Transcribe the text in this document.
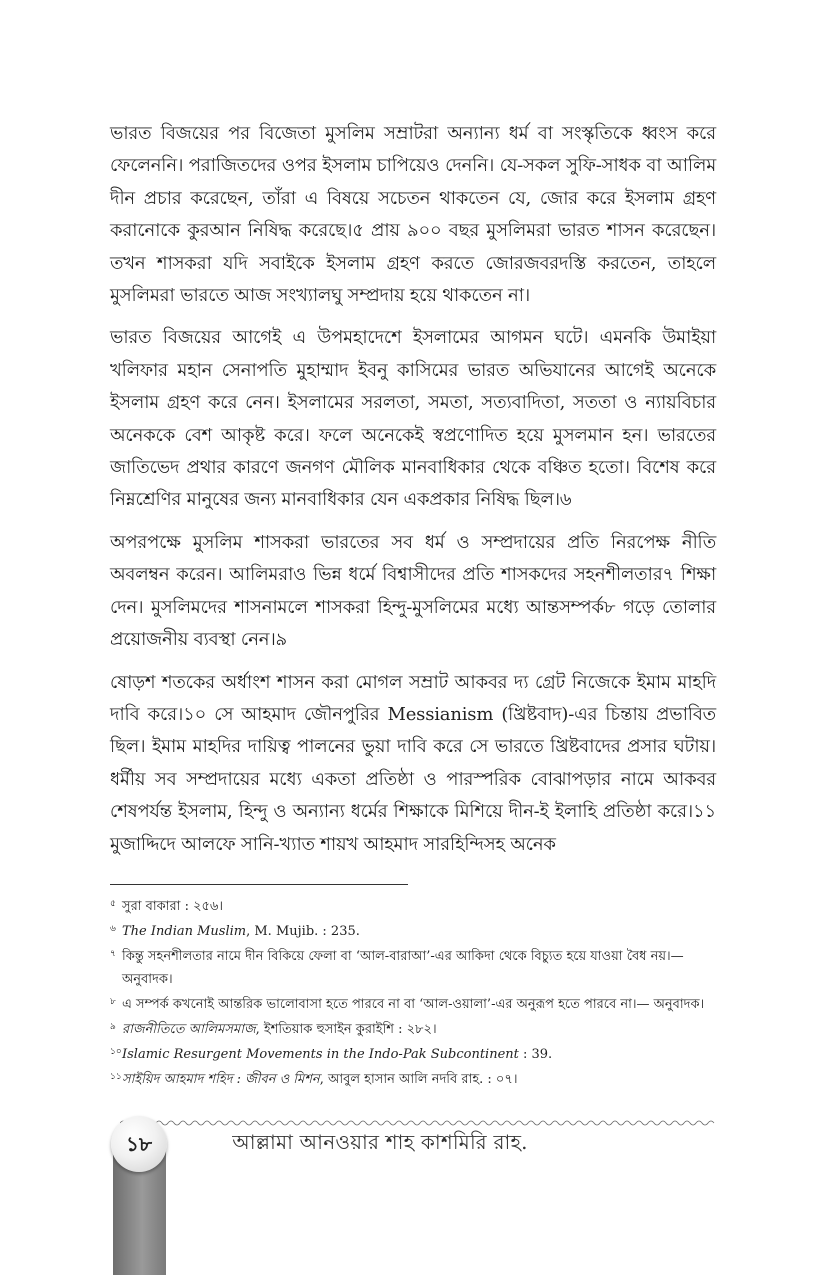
ভারত বিজয়ের পর বিজেতা মুসলিম সম্রাটরা অন্যান্য ধর্ম বা সংস্কৃতিকে ধ্বংস করে ফেলেননি। পরাজিতদের ওপর ইসলাম চাপিয়েও দেননি। যে-সকল সুফি-সাধক বা আলিম দীন প্রচার করেছেন, তাঁরা এ বিষয়ে সচেতন থাকতেন যে, জোর করে ইসলাম গ্রহণ করানোকে কুরআন নিষিদ্ধ করেছে।৫ প্রায় ৯০০ বছর মুসলিমরা ভারত শাসন করেছেন। তখন শাসকরা যদি সবাইকে ইসলাম গ্রহণ করতে জোরজবরদস্তি করতেন, তাহলে মুসলিমরা ভারতে আজ সংখ্যালঘু সম্প্রদায় হয়ে থাকতেন না।

ভারত বিজয়ের আগেই এ উপমহাদেশে ইসলামের আগমন ঘটে। এমনকি উমাইয়া খলিফার মহান সেনাপতি মুহাম্মাদ ইবনু কাসিমের ভারত অভিযানের আগেই অনেকে ইসলাম গ্রহণ করে নেন। ইসলামের সরলতা, সমতা, সত্যবাদিতা, সততা ও ন্যায়বিচার অনেককে বেশ আকৃষ্ট করে। ফলে অনেকেই স্বপ্রণোদিত হয়ে মুসলমান হন। ভারতের জাতিভেদ প্রথার কারণে জনগণ মৌলিক মানবাধিকার থেকে বঞ্চিত হতো। বিশেষ করে নিম্নশ্রেণির মানুষের জন্য মানবাধিকার যেন একপ্রকার নিষিদ্ধ ছিল।৬

অপরপক্ষে মুসলিম শাসকরা ভারতের সব ধর্ম ও সম্প্রদায়ের প্রতি নিরপেক্ষ নীতি অবলম্বন করেন। আলিমরাও ভিন্ন ধর্মে বিশ্বাসীদের প্রতি শাসকদের সহনশীলতার৭ শিক্ষা দেন। মুসলিমদের শাসনামলে শাসকরা হিন্দু-মুসলিমের মধ্যে আন্তসম্পর্ক৮ গড়ে তোলার প্রয়োজনীয় ব্যবস্থা নেন।৯

ষোড়শ শতকের অর্ধাংশ শাসন করা মোগল সম্রাট আকবর দ্য গ্রেট নিজেকে ইমাম মাহদি দাবি করে।১০ সে আহমাদ জৌনপুরির Messianism (খ্রিষ্টবাদ)-এর চিন্তায় প্রভাবিত ছিল। ইমাম মাহদির দায়িত্ব পালনের ভুয়া দাবি করে সে ভারতে খ্রিষ্টবাদের প্রসার ঘটায়। ধর্মীয় সব সম্প্রদায়ের মধ্যে একতা প্রতিষ্ঠা ও পারস্পরিক বোঝাপড়ার নামে আকবর শেষপর্যন্ত ইসলাম, হিন্দু ও অন্যান্য ধর্মের শিক্ষাকে মিশিয়ে দীন-ই ইলাহি প্রতিষ্ঠা করে।১১ মুজাদ্দিদে আলফে সানি-খ্যাত শায়খ আহমাদ সারহিন্দিসহ অনেক

৫ সুরা বাকারা : ২৫৬।

৬ The Indian Muslim, M. Mujib. : 235.

৭ কিন্তু সহনশীলতার নামে দীন বিকিয়ে ফেলা বা ‘আল-বারাআ’-এর আকিদা থেকে বিচ্যুত হয়ে যাওয়া বৈধ নয়।— অনুবাদক।

৮ এ সম্পর্ক কখনোই আন্তরিক ভালোবাসা হতে পারবে না বা ‘আল-ওয়ালা’-এর অনুরূপ হতে পারবে না।— অনুবাদক।

৯ রাজনীতিতে আলিমসমাজ, ইশতিয়াক হুসাইন কুরাইশি : ২৮২।

১০Islamic Resurgent Movements in the Indo-Pak Subcontinent : 39.

১১সাইয়িদ আহমাদ শহিদ : জীবন ও মিশন, আবুল হাসান আলি নদবি রাহ. : ০৭।

১৮	আল্লামা আনওয়ার শাহ কাশমিরি রাহ.
